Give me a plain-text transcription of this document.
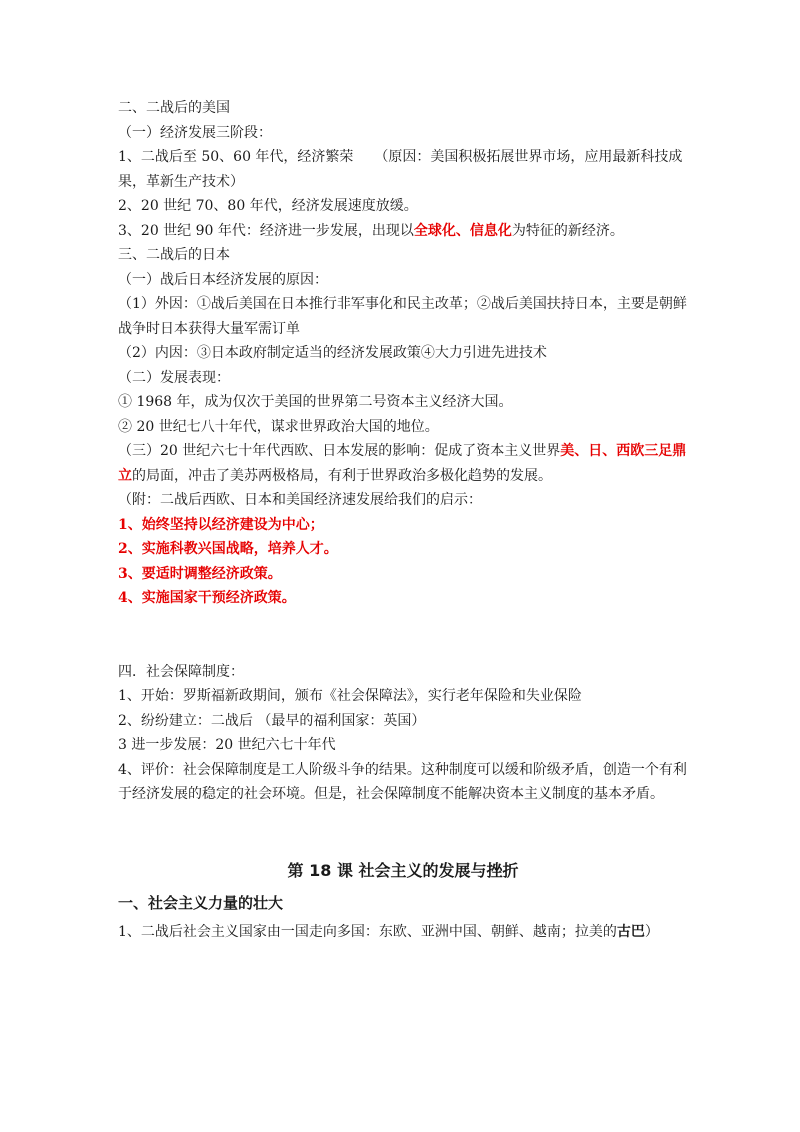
二、二战后的美国

（一）经济发展三阶段：

1、二战后至 50、60 年代，经济繁荣　　（原因：美国积极拓展世界市场，应用最新科技成果，革新生产技术）

2、20 世纪 70、80 年代，经济发展速度放缓。

3、20 世纪 90 年代：经济进一步发展，出现以全球化、信息化为特征的新经济。

三、二战后的日本

（一）战后日本经济发展的原因：

（1）外因：①战后美国在日本推行非军事化和民主改革；②战后美国扶持日本，主要是朝鲜战争时日本获得大量军需订单

（2）内因：③日本政府制定适当的经济发展政策④大力引进先进技术

（二）发展表现：

① 1968 年，成为仅次于美国的世界第二号资本主义经济大国。

② 20 世纪七八十年代，谋求世界政治大国的地位。

（三）20 世纪六七十年代西欧、日本发展的影响：促成了资本主义世界美、日、西欧三足鼎立的局面，冲击了美苏两极格局，有利于世界政治多极化趋势的发展。

（附：二战后西欧、日本和美国经济速发展给我们的启示：

1、始终坚持以经济建设为中心；

2、实施科教兴国战略，培养人才。

3、要适时调整经济政策。

4、实施国家干预经济政策。

四．社会保障制度：

1、开始：罗斯福新政期间，颁布《社会保障法》，实行老年保险和失业保险

2、纷纷建立：二战后 （最早的福利国家：英国）

3 进一步发展：20 世纪六七十年代

4、评价：社会保障制度是工人阶级斗争的结果。这种制度可以缓和阶级矛盾，创造一个有利于经济发展的稳定的社会环境。但是，社会保障制度不能解决资本主义制度的基本矛盾。

第 18 课 社会主义的发展与挫折

一、社会主义力量的壮大

1、二战后社会主义国家由一国走向多国：东欧、亚洲中国、朝鲜、越南；拉美的古巴）
